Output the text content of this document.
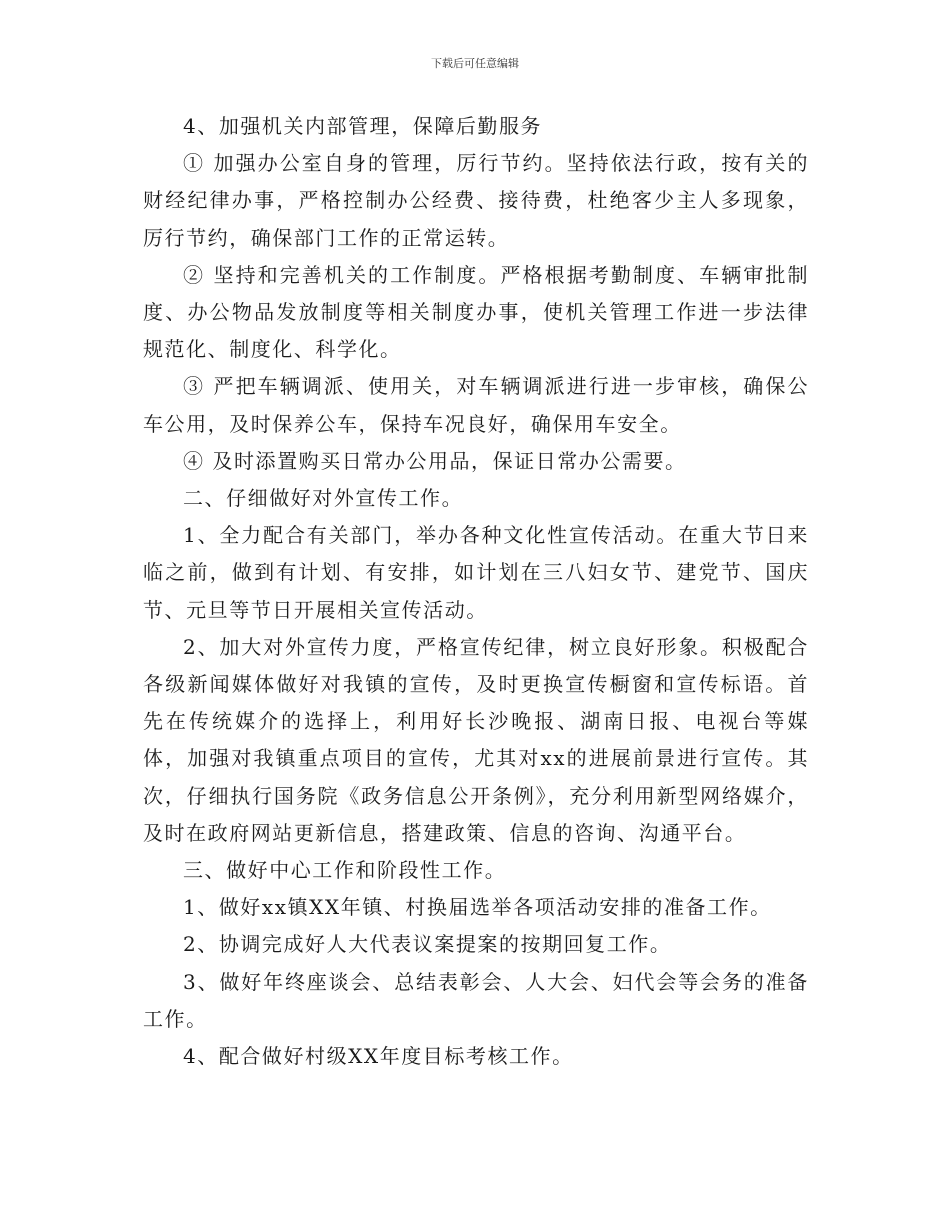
下载后可任意编辑

4、加强机关内部管理，保障后勤服务

① 加强办公室自身的管理，厉行节约。坚持依法行政，按有关的财经纪律办事，严格控制办公经费、接待费，杜绝客少主人多现象，厉行节约，确保部门工作的正常运转。

② 坚持和完善机关的工作制度。严格根据考勤制度、车辆审批制度、办公物品发放制度等相关制度办事，使机关管理工作进一步法律规范化、制度化、科学化。

③ 严把车辆调派、使用关，对车辆调派进行进一步审核，确保公车公用，及时保养公车，保持车况良好，确保用车安全。

④ 及时添置购买日常办公用品，保证日常办公需要。

二、仔细做好对外宣传工作。

1、全力配合有关部门，举办各种文化性宣传活动。在重大节日来临之前，做到有计划、有安排，如计划在三八妇女节、建党节、国庆节、元旦等节日开展相关宣传活动。

2、加大对外宣传力度，严格宣传纪律，树立良好形象。积极配合各级新闻媒体做好对我镇的宣传，及时更换宣传橱窗和宣传标语。首先在传统媒介的选择上，利用好长沙晚报、湖南日报、电视台等媒体，加强对我镇重点项目的宣传，尤其对xx的进展前景进行宣传。其次，仔细执行国务院《政务信息公开条例》，充分利用新型网络媒介，及时在政府网站更新信息，搭建政策、信息的咨询、沟通平台。

三、做好中心工作和阶段性工作。

1、做好xx镇XX年镇、村换届选举各项活动安排的准备工作。

2、协调完成好人大代表议案提案的按期回复工作。

3、做好年终座谈会、总结表彰会、人大会、妇代会等会务的准备工作。

4、配合做好村级XX年度目标考核工作。
